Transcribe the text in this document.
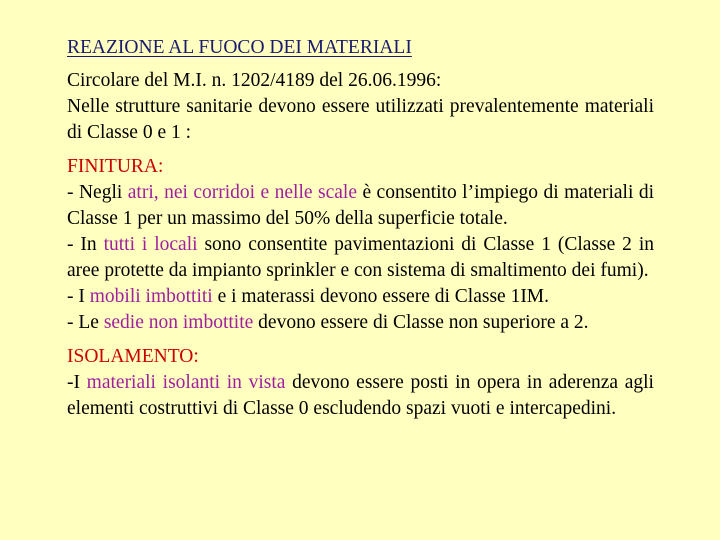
REAZIONE AL FUOCO DEI MATERIALI

Circolare del M.I. n. 1202/4189 del 26.06.1996:
Nelle strutture sanitarie devono essere utilizzati prevalentemente materiali di Classe 0 e 1 :

FINITURA:
- Negli atri, nei corridoi e nelle scale è consentito l’impiego di materiali di Classe 1 per un massimo del 50% della superficie totale.
- In tutti i locali sono consentite pavimentazioni di Classe 1 (Classe 2 in aree protette da impianto sprinkler e con sistema di smaltimento dei fumi).
- I mobili imbottiti e i materassi devono essere di Classe 1IM.
- Le sedie non imbottite devono essere di Classe non superiore a 2.

ISOLAMENTO:
-I materiali isolanti in vista devono essere posti in opera in aderenza agli elementi costruttivi di Classe 0 escludendo spazi vuoti e intercapedini.
